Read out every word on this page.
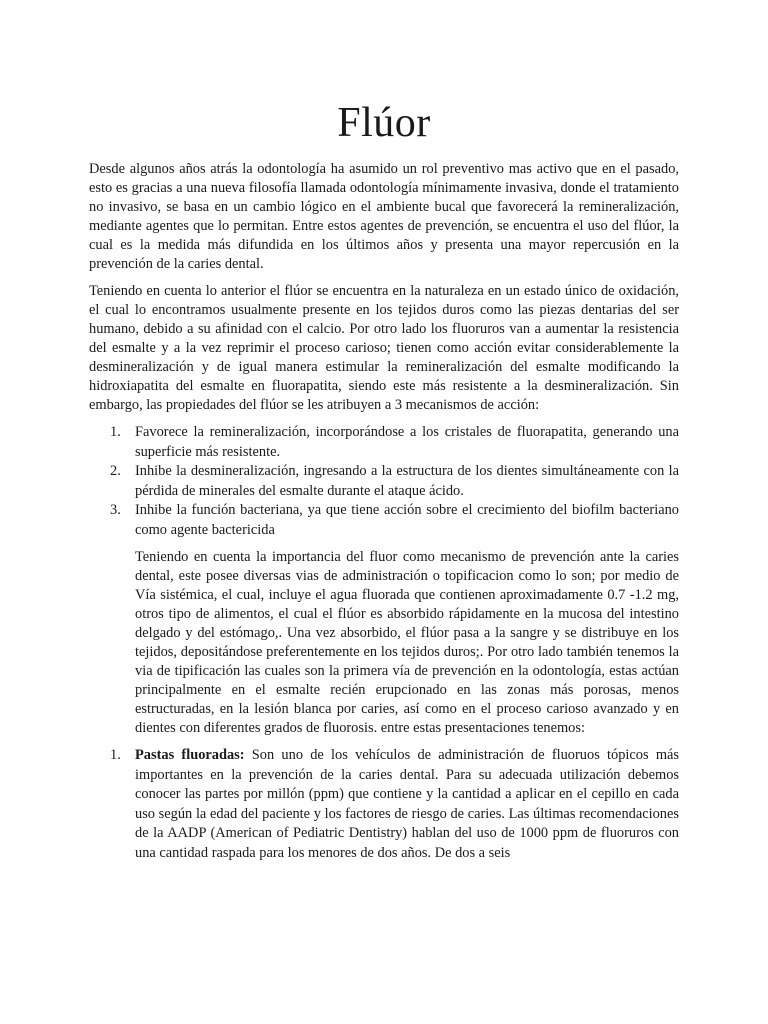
Flúor

Desde algunos años atrás la odontología ha asumido un rol preventivo mas activo que en el pasado, esto es gracias a una nueva filosofía llamada odontología mínimamente invasiva, donde el tratamiento no invasivo, se basa en un cambio lógico en el ambiente bucal que favorecerá la remineralización, mediante agentes que lo permitan. Entre estos agentes de prevención, se encuentra el uso del flúor, la cual es la medida más difundida en los últimos años y presenta una mayor repercusión en la prevención de la caries dental.

Teniendo en cuenta lo anterior el flúor se encuentra en la naturaleza en un estado único de oxidación, el cual lo encontramos usualmente presente en los tejidos duros como las piezas dentarias del ser humano, debido a su afinidad con el calcio. Por otro lado los fluoruros van a aumentar la resistencia del esmalte y a la vez reprimir el proceso carioso; tienen como acción evitar considerablemente la desmineralización y de igual manera estimular la remineralización del esmalte modificando la hidroxiapatita del esmalte en fluorapatita, siendo este más resistente a la desmineralización. Sin embargo, las propiedades del flúor se les atribuyen a 3 mecanismos de acción:

1. Favorece la remineralización, incorporándose a los cristales de fluorapatita, generando una superficie más resistente.
2. Inhibe la desmineralización, ingresando a la estructura de los dientes simultáneamente con la pérdida de minerales del esmalte durante el ataque ácido.
3. Inhibe la función bacteriana, ya que tiene acción sobre el crecimiento del biofilm bacteriano como agente bactericida

Teniendo en cuenta la importancia del fluor como mecanismo de prevención ante la caries dental, este posee diversas vias de administración o topificacion como lo son; por medio de Vía sistémica, el cual, incluye el agua fluorada que contienen aproximadamente 0.7 -1.2 mg, otros tipo de alimentos, el cual el flúor es absorbido rápidamente en la mucosa del intestino delgado y del estómago,. Una vez absorbido, el flúor pasa a la sangre y se distribuye en los tejidos, depositándose preferentemente en los tejidos duros;. Por otro lado también tenemos la via de tipificación las cuales son la primera vía de prevención en la odontología, estas actúan principalmente en el esmalte recién erupcionado en las zonas más porosas, menos estructuradas, en la lesión blanca por caries, así como en el proceso carioso avanzado y en dientes con diferentes grados de fluorosis. entre estas presentaciones tenemos:

1. Pastas fluoradas: Son uno de los vehículos de administración de fluoruos tópicos más importantes en la prevención de la caries dental. Para su adecuada utilización debemos conocer las partes por millón (ppm) que contiene y la cantidad a aplicar en el cepillo en cada uso según la edad del paciente y los factores de riesgo de caries. Las últimas recomendaciones de la AADP (American of Pediatric Dentistry) hablan del uso de 1000 ppm de fluoruros con una cantidad raspada para los menores de dos años. De dos a seis
